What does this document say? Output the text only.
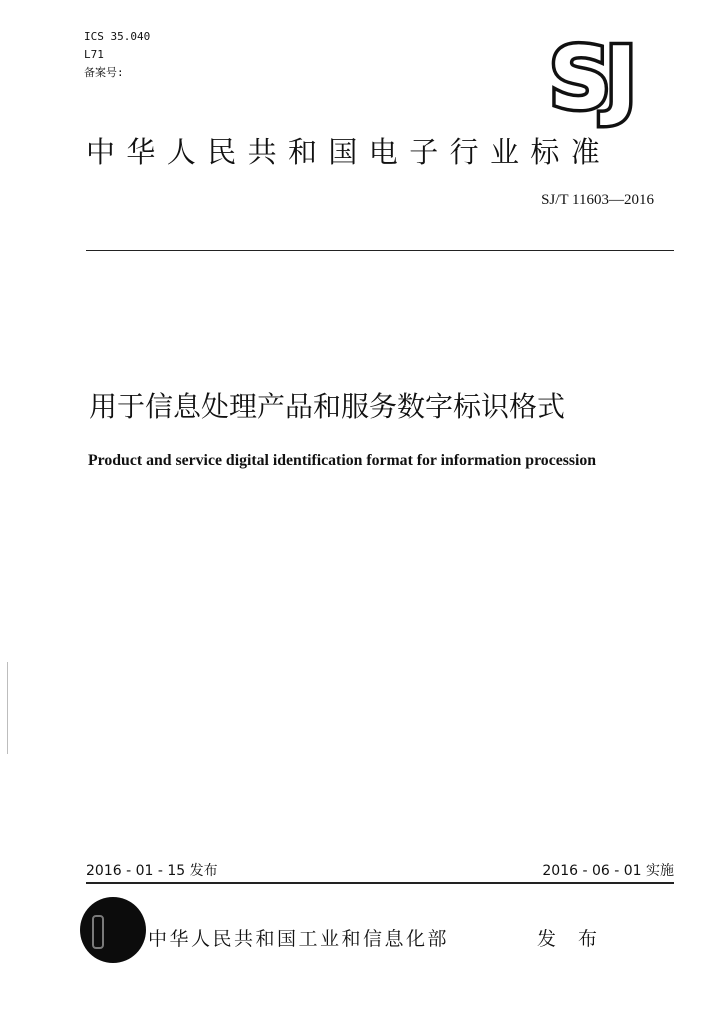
ICS 35.040
L71
备案号:	SJ
中华人民共和国电子行业标准
SJ/T 11603—2016
用于信息处理产品和服务数字标识格式
Product and service digital identification format for information procession
2016 - 01 - 15 发布	2016 - 06 - 01 实施
中华人民共和国工业和信息化部	发 布
